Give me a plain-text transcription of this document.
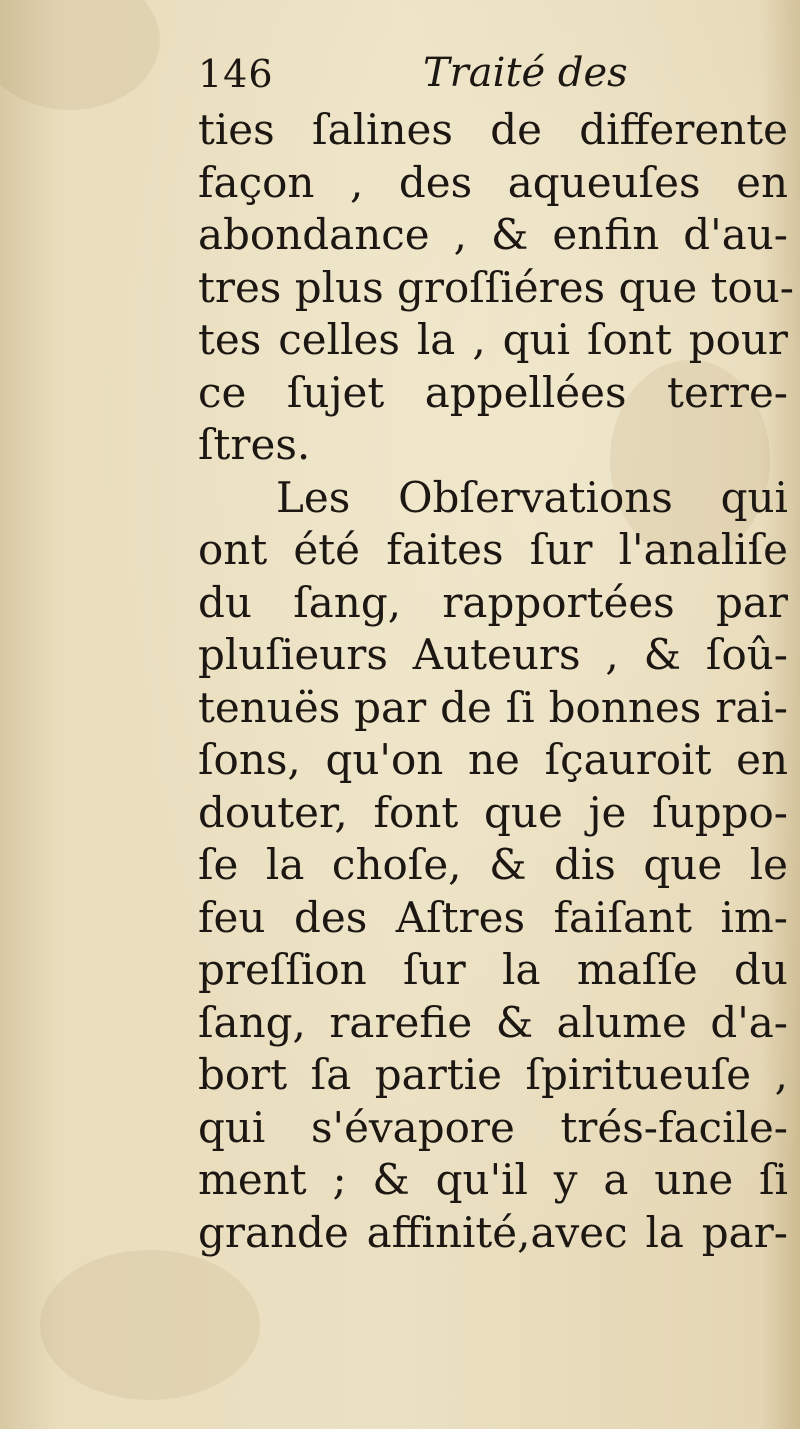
146	Traité des
ties ſalines de differente
façon , des aqueuſes en
abondance , & enfin d'au-
tres plus groſſiéres que tou-
tes celles la , qui ſont pour
ce ſujet appellées terre-
ſtres.
Les Obſervations qui
ont été faites ſur l'analiſe
du ſang, rapportées par
pluſieurs Auteurs , & ſoû-
tenuës par de ſi bonnes rai-
ſons, qu'on ne ſçauroit en
douter, font que je ſuppo-
ſe la choſe, & dis que le
feu des Aſtres faiſant im-
preſſion ſur la maſſe du
ſang, rarefie & alume d'a-
bort ſa partie ſpiritueuſe ,
qui s'évapore trés-facile-
ment ; & qu'il y a une ſi
grande affinité,avec la par-
